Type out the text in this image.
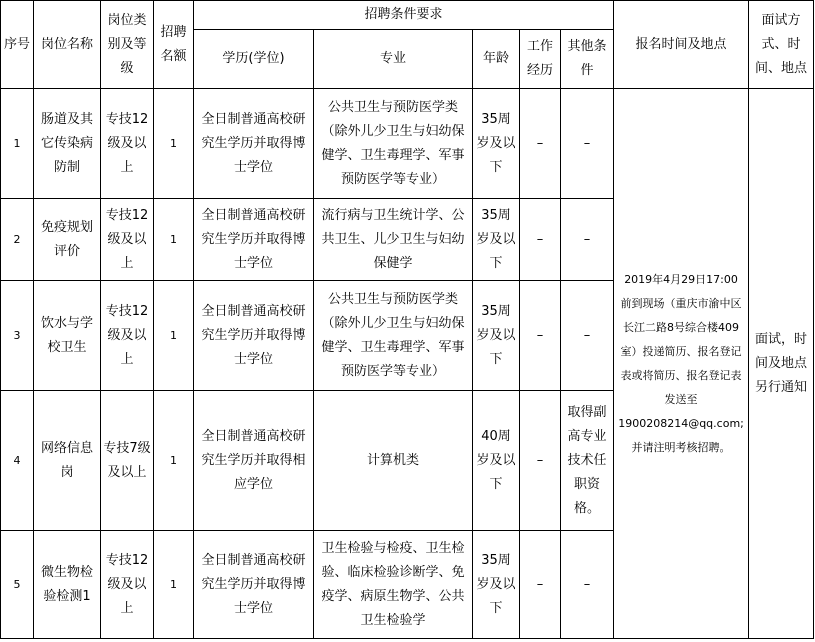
序号	岗位名称	岗位类别及等级	招聘名额	招聘条件要求					报名时间及地点	面试方式、时间、地点
				学历(学位)	专业	年龄	工作经历	其他条件		
1	肠道及其它传染病防制	专技12级及以上	1	全日制普通高校研究生学历并取得博士学位	公共卫生与预防医学类（除外儿少卫生与妇幼保健学、卫生毒理学、军事预防医学等专业）	35周岁及以下	–	–	2019年4月29日17:00
前到现场（重庆市渝中区长江二路8号综合楼409室）投递简历、报名登记表或将简历、报名登记表发送至
1900208214@qq.com;
并请注明考核招聘。	面试，时间及地点另行通知
2	免疫规划评价	专技12级及以上	1	全日制普通高校研究生学历并取得博士学位	流行病与卫生统计学、公共卫生、儿少卫生与妇幼保健学	35周岁及以下	–	–		
3	饮水与学校卫生	专技12级及以上	1	全日制普通高校研究生学历并取得博士学位	公共卫生与预防医学类（除外儿少卫生与妇幼保健学、卫生毒理学、军事预防医学等专业）	35周岁及以下	–	–		
4	网络信息岗	专技7级及以上	1	全日制普通高校研究生学历并取得相应学位	计算机类	40周岁及以下	–	取得副高专业技术任职资格。		
5	微生物检验检测1	专技12级及以上	1	全日制普通高校研究生学历并取得博士学位	卫生检验与检疫、卫生检验、临床检验诊断学、免疫学、病原生物学、公共卫生检验学	35周岁及以下	–	–		
